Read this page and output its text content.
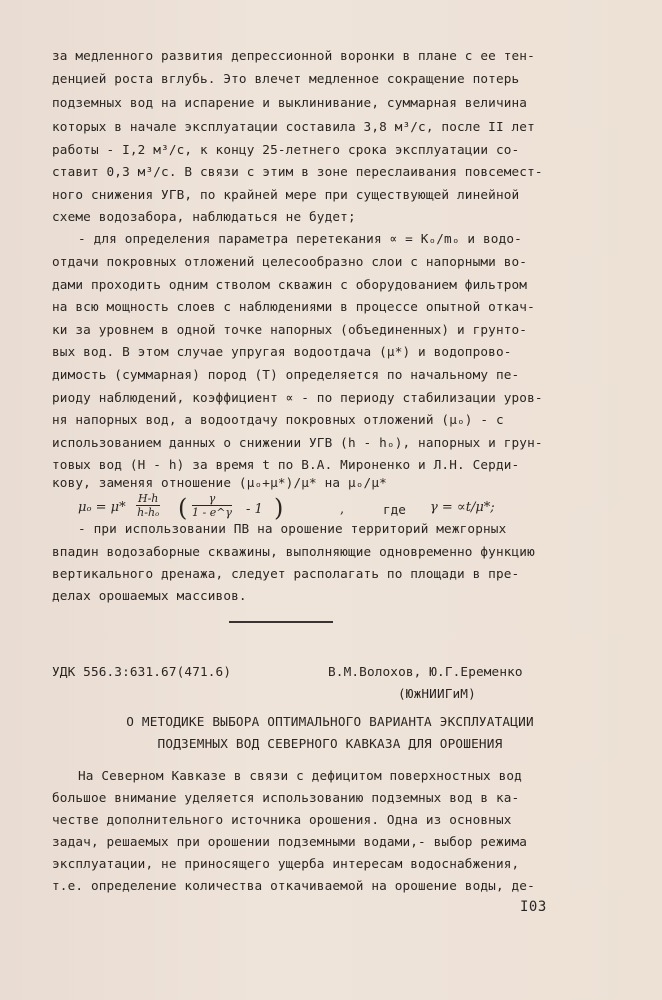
за медленного развития депрессионной воронки в плане с ее тен-
денцией роста вглубь. Это влечет медленное сокращение потерь
подземных вод на испарение и выклинивание, суммарная величина
которых в начале эксплуатации составила 3,8 м³/с, после II лет
работы - I,2 м³/с, к концу 25-летнего срока эксплуатации со-
ставит 0,3 м³/с. В связи с этим в зоне переслаивания повсемест-
ного снижения УГВ, по крайней мере при существующей линейной
схеме водозабора, наблюдаться не будет;
- для определения параметра перетекания ∝ = Kₒ/mₒ и водо-
отдачи покровных отложений целесообразно слои с напорными во-
дами проходить одним стволом скважин с оборудованием фильтром
на всю мощность слоев с наблюдениями в процессе опытной откач-
ки за уровнем в одной точке напорных (объединенных) и грунто-
вых вод. В этом случае упругая водоотдача (μ*) и водопрово-
димость (суммарная) пород (T) определяется по начальному пе-
риоду наблюдений, коэффициент ∝ - по периоду стабилизации уров-
ня напорных вод, а водоотдачу покровных отложений (μₒ) - с
использованием данных о снижении УГВ (h - hₒ), напорных и грун-
товых вод (H - h) за время t по В.А. Мироненко и Л.Н. Серди-
$\mu_o = \mu* \frac{H-h}{\text{h-hₒ}}$ ( $\frac{\gamma}{1 - e\^{}\gamma} - 1$ )	,	где γ = ∝t/μ*;
- при использовании ПВ на орошение территорий межгорных
впадин водозаборные скважины, выполняющие одновременно функцию
вертикального дренажа, следует располагать по площади в пре-
делах орошаемых массивов.
УДК 556.3:631.67(471.6)	В.М.Волохов, Ю.Г.Еременко
(ЮжНИИГиМ)
О МЕТОДИКЕ ВЫБОРА ОПТИМАЛЬНОГО ВАРИАНТА ЭКСПЛУАТАЦИИ
ПОДЗЕМНЫХ ВОД СЕВЕРНОГО КАВКАЗА ДЛЯ ОРОШЕНИЯ
На Северном Кавказе в связи с дефицитом поверхностных вод
большое внимание уделяется использованию подземных вод в ка-
честве дополнительного источника орошения. Одна из основных
задач, решаемых при орошении подземными водами,- выбор режима
эксплуатации, не приносящего ущерба интересам водоснабжения,
т.е. определение количества откачиваемой на орошение воды, де-
I03
кову, заменяя отношение (μₒ+μ*)/μ* на μₒ/μ*
